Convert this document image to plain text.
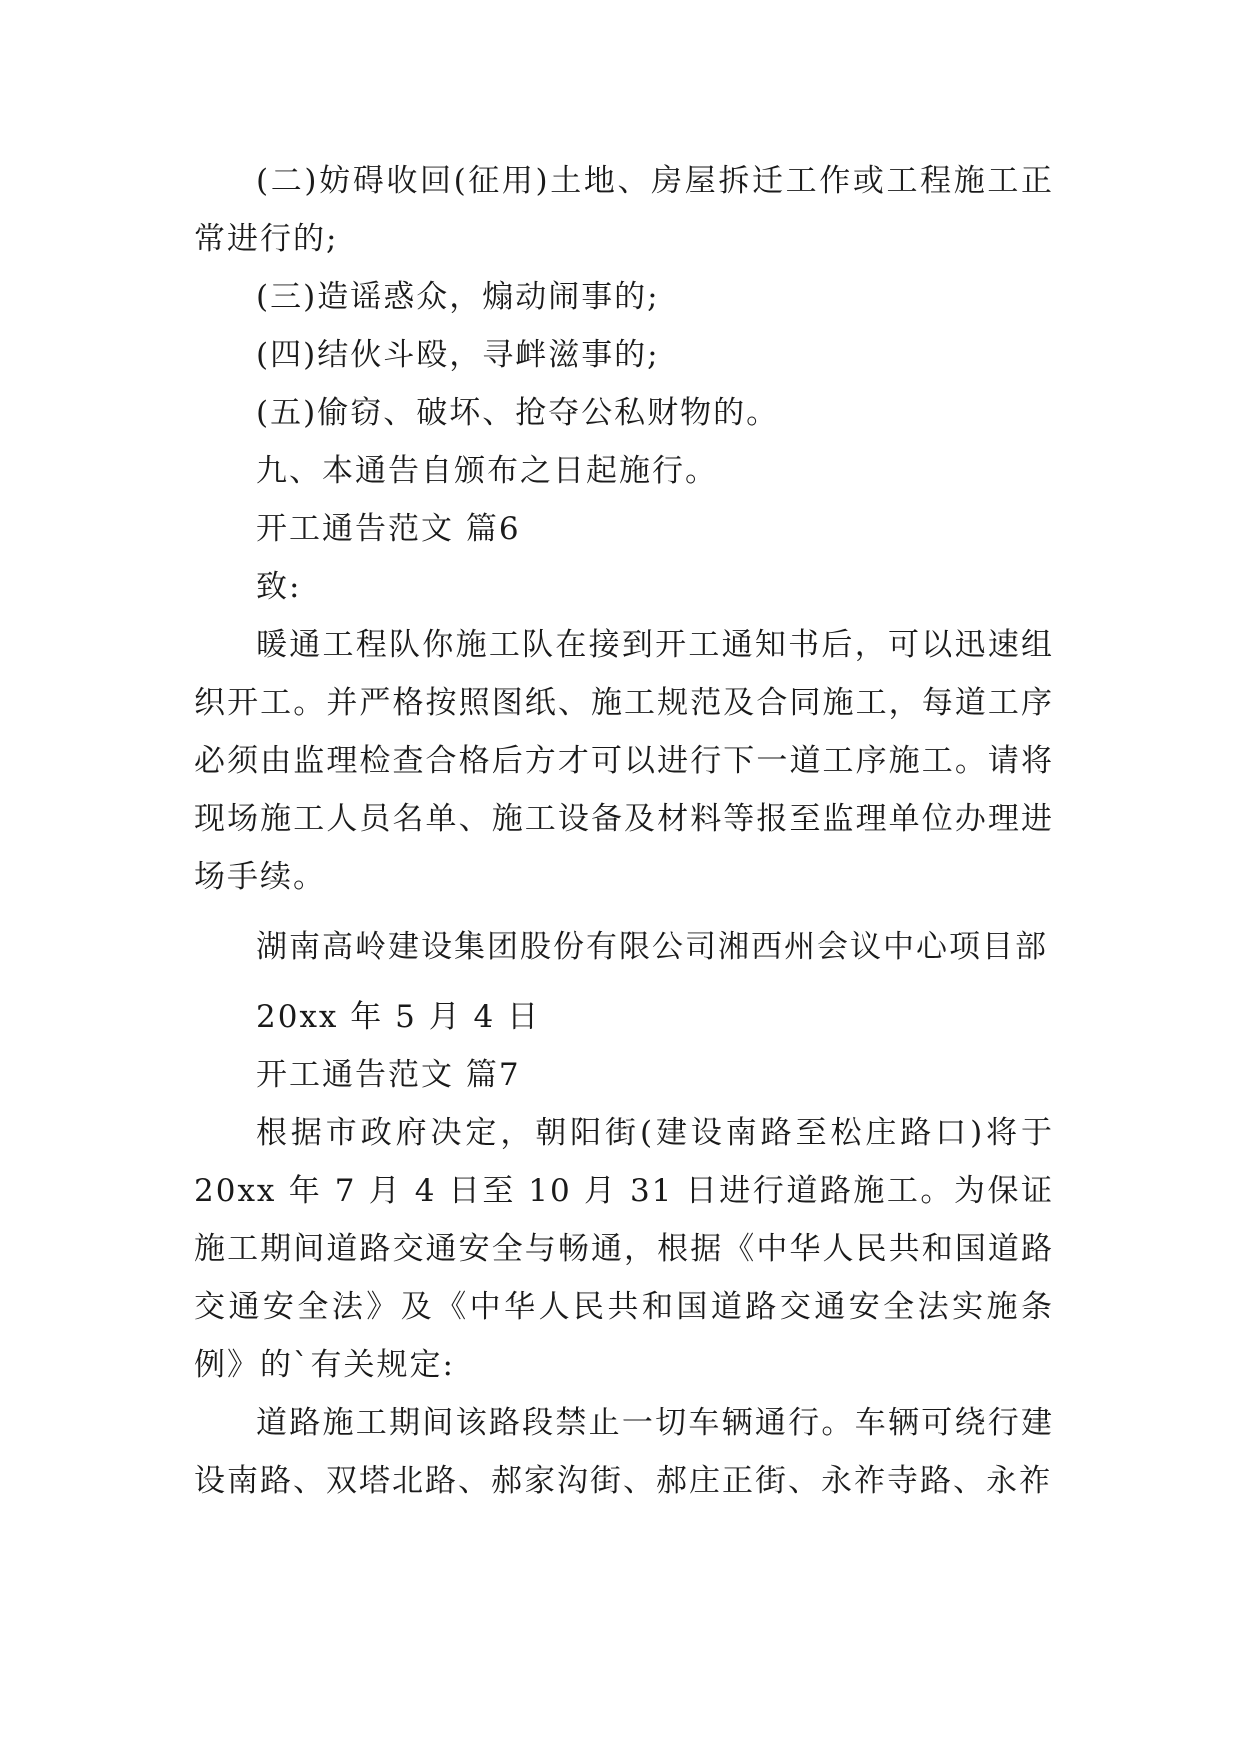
(二)妨碍收回(征用)土地、房屋拆迁工作或工程施工正常进行的;

(三)造谣惑众，煽动闹事的;

(四)结伙斗殴，寻衅滋事的;

(五)偷窃、破坏、抢夺公私财物的。

九、本通告自颁布之日起施行。

开工通告范文 篇6

致:

暖通工程队你施工队在接到开工通知书后，可以迅速组织开工。并严格按照图纸、施工规范及合同施工，每道工序必须由监理检查合格后方才可以进行下一道工序施工。请将现场施工人员名单、施工设备及材料等报至监理单位办理进场手续。

湖南高岭建设集团股份有限公司湘西州会议中心项目部

20xx 年 5 月 4 日

开工通告范文 篇7

根据市政府决定，朝阳街(建设南路至松庄路口)将于 20xx 年 7 月 4 日至 10 月 31 日进行道路施工。为保证施工期间道路交通安全与畅通，根据《中华人民共和国道路交通安全法》及《中华人民共和国道路交通安全法实施条例》的`有关规定:

道路施工期间该路段禁止一切车辆通行。车辆可绕行建设南路、双塔北路、郝家沟街、郝庄正街、永祚寺路、永祚
